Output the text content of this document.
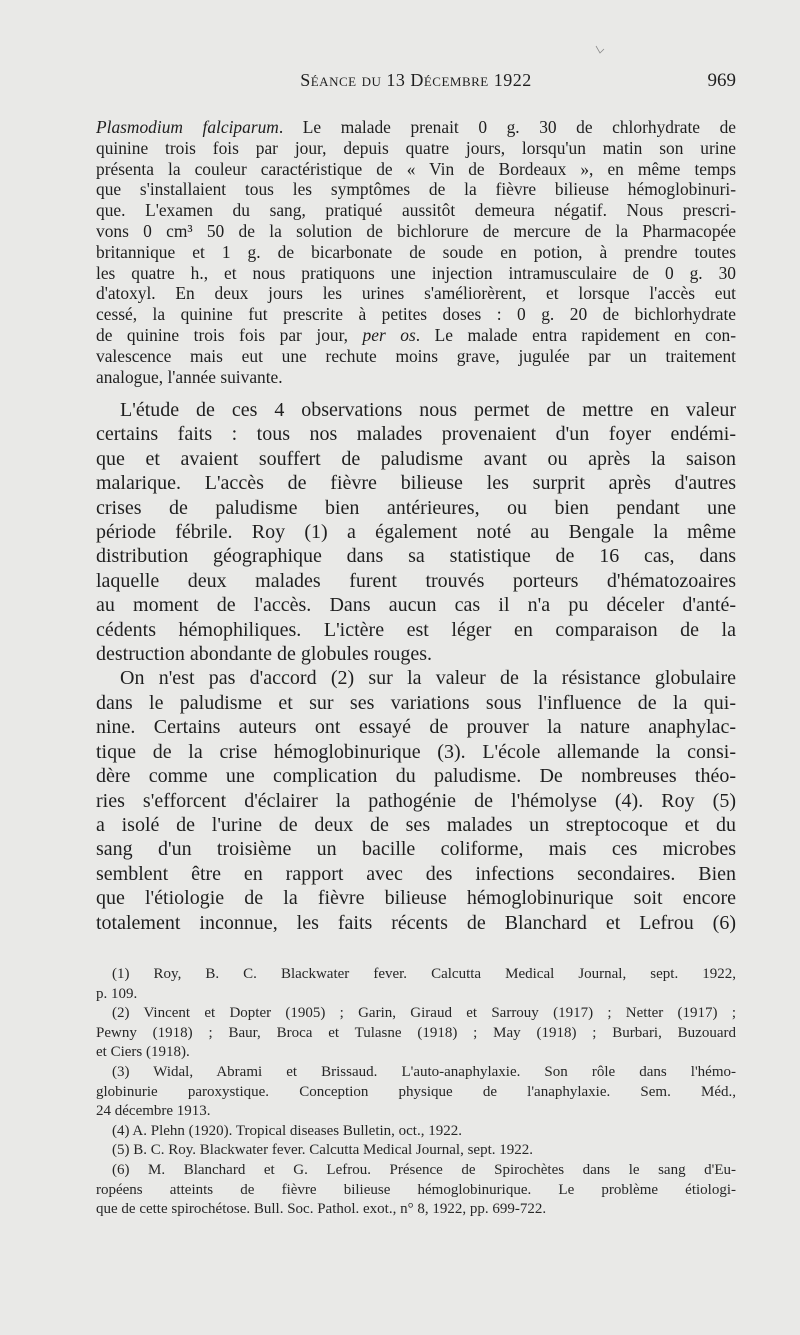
Séance du 13 Décembre 1922	969
Plasmodium falciparum. Le malade prenait 0 g. 30 de chlorhydrate de
quinine trois fois par jour, depuis quatre jours, lorsqu'un matin son urine
présenta la couleur caractéristique de « Vin de Bordeaux », en même temps
que s'installaient tous les symptômes de la fièvre bilieuse hémoglobinuri-
que. L'examen du sang, pratiqué aussitôt demeura négatif. Nous prescri-
vons 0 cm³ 50 de la solution de bichlorure de mercure de la Pharmacopée
britannique et 1 g. de bicarbonate de soude en potion, à prendre toutes
les quatre h., et nous pratiquons une injection intramusculaire de 0 g. 30
d'atoxyl. En deux jours les urines s'améliorèrent, et lorsque l'accès eut
cessé, la quinine fut prescrite à petites doses : 0 g. 20 de bichlorhydrate
de quinine trois fois par jour, per os. Le malade entra rapidement en con-
valescence mais eut une rechute moins grave, jugulée par un traitement
analogue, l'année suivante.
L'étude de ces 4 observations nous permet de mettre en valeur
certains faits : tous nos malades provenaient d'un foyer endémi-
que et avaient souffert de paludisme avant ou après la saison
malarique. L'accès de fièvre bilieuse les surprit après d'autres
crises de paludisme bien antérieures, ou bien pendant une
période fébrile. Roy (1) a également noté au Bengale la même
distribution géographique dans sa statistique de 16 cas, dans
laquelle deux malades furent trouvés porteurs d'hématozoaires
au moment de l'accès. Dans aucun cas il n'a pu déceler d'anté-
cédents hémophiliques. L'ictère est léger en comparaison de la
destruction abondante de globules rouges.
On n'est pas d'accord (2) sur la valeur de la résistance globulaire
dans le paludisme et sur ses variations sous l'influence de la qui-
nine. Certains auteurs ont essayé de prouver la nature anaphylac-
tique de la crise hémoglobinurique (3). L'école allemande la consi-
dère comme une complication du paludisme. De nombreuses théo-
ries s'efforcent d'éclairer la pathogénie de l'hémolyse (4). Roy (5)
a isolé de l'urine de deux de ses malades un streptocoque et du
sang d'un troisième un bacille coliforme, mais ces microbes
semblent être en rapport avec des infections secondaires. Bien
que l'étiologie de la fièvre bilieuse hémoglobinurique soit encore
totalement inconnue, les faits récents de Blanchard et Lefrou (6)
(1) Roy, B. C. Blackwater fever. Calcutta Medical Journal, sept. 1922,
p. 109.
(2) Vincent et Dopter (1905) ; Garin, Giraud et Sarrouy (1917) ; Netter (1917) ;
Pewny (1918) ; Baur, Broca et Tulasne (1918) ; May (1918) ; Burbari, Buzouard
et Ciers (1918).
(3) Widal, Abrami et Brissaud. L'auto-anaphylaxie. Son rôle dans l'hémo-
globinurie paroxystique. Conception physique de l'anaphylaxie. Sem. Méd.,
24 décembre 1913.
(4) A. Plehn (1920). Tropical diseases Bulletin, oct., 1922.
(5) B. C. Roy. Blackwater fever. Calcutta Medical Journal, sept. 1922.
(6) M. Blanchard et G. Lefrou. Présence de Spirochètes dans le sang d'Eu-
ropéens atteints de fièvre bilieuse hémoglobinurique. Le problème étiologi-
que de cette spirochétose. Bull. Soc. Pathol. exot., n° 8, 1922, pp. 699-722.
